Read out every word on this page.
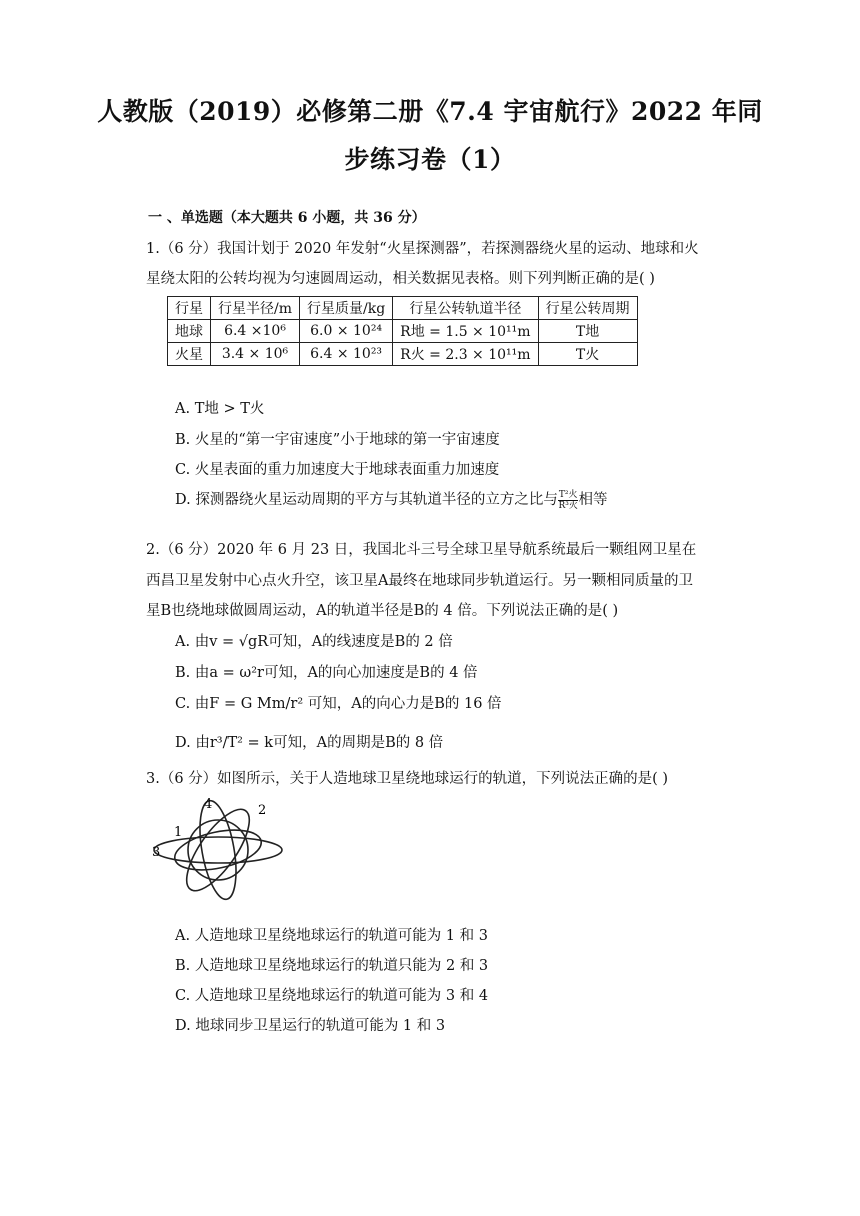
人教版（2019）必修第二册《7.4 宇宙航行》2022 年同
步练习卷（1）
一 、单选题（本大题共 6 小题，共 36 分）
1.（6 分）我国计划于 2020 年发射“火星探测器”，若探测器绕火星的运动、地球和火
星绕太阳的公转均视为匀速圆周运动，相关数据见表格。则下列判断正确的是( )
行星	行星半径/m	行星质量/kg	行星公转轨道半径	行星公转周期
地球	6.4 ×10⁶	6.0 × 10²⁴	R地 = 1.5 × 10¹¹m	T地
火星	3.4 × 10⁶	6.4 × 10²³	R火 = 2.3 × 10¹¹m	T火
A. T地 > T火
B. 火星的“第一宇宙速度”小于地球的第一宇宙速度
C. 火星表面的重力加速度大于地球表面重力加速度
D. 探测器绕火星运动周期的平方与其轨道半径的立方之比与 $\frac{\text{T²火}}{\text{R³火}}$ 相等
2.（6 分）2020 年 6 月 23 日，我国北斗三号全球卫星导航系统最后一颗组网卫星在
西昌卫星发射中心点火升空，该卫星A最终在地球同步轨道运行。另一颗相同质量的卫
星B也绕地球做圆周运动，A的轨道半径是B的 4 倍。下列说法正确的是( )
A. 由v = √gR可知，A的线速度是B的 2 倍
B. 由a = ω²r可知，A的向心加速度是B的 4 倍
C. 由F = G Mm/r² 可知，A的向心力是B的 16 倍
D. 由r³/T² = k可知，A的周期是B的 8 倍
3.（6 分）如图所示，关于人造地球卫星绕地球运行的轨道，下列说法正确的是( )
4	2
1
3
A. 人造地球卫星绕地球运行的轨道可能为 1 和 3
B. 人造地球卫星绕地球运行的轨道只能为 2 和 3
C. 人造地球卫星绕地球运行的轨道可能为 3 和 4
D. 地球同步卫星运行的轨道可能为 1 和 3
